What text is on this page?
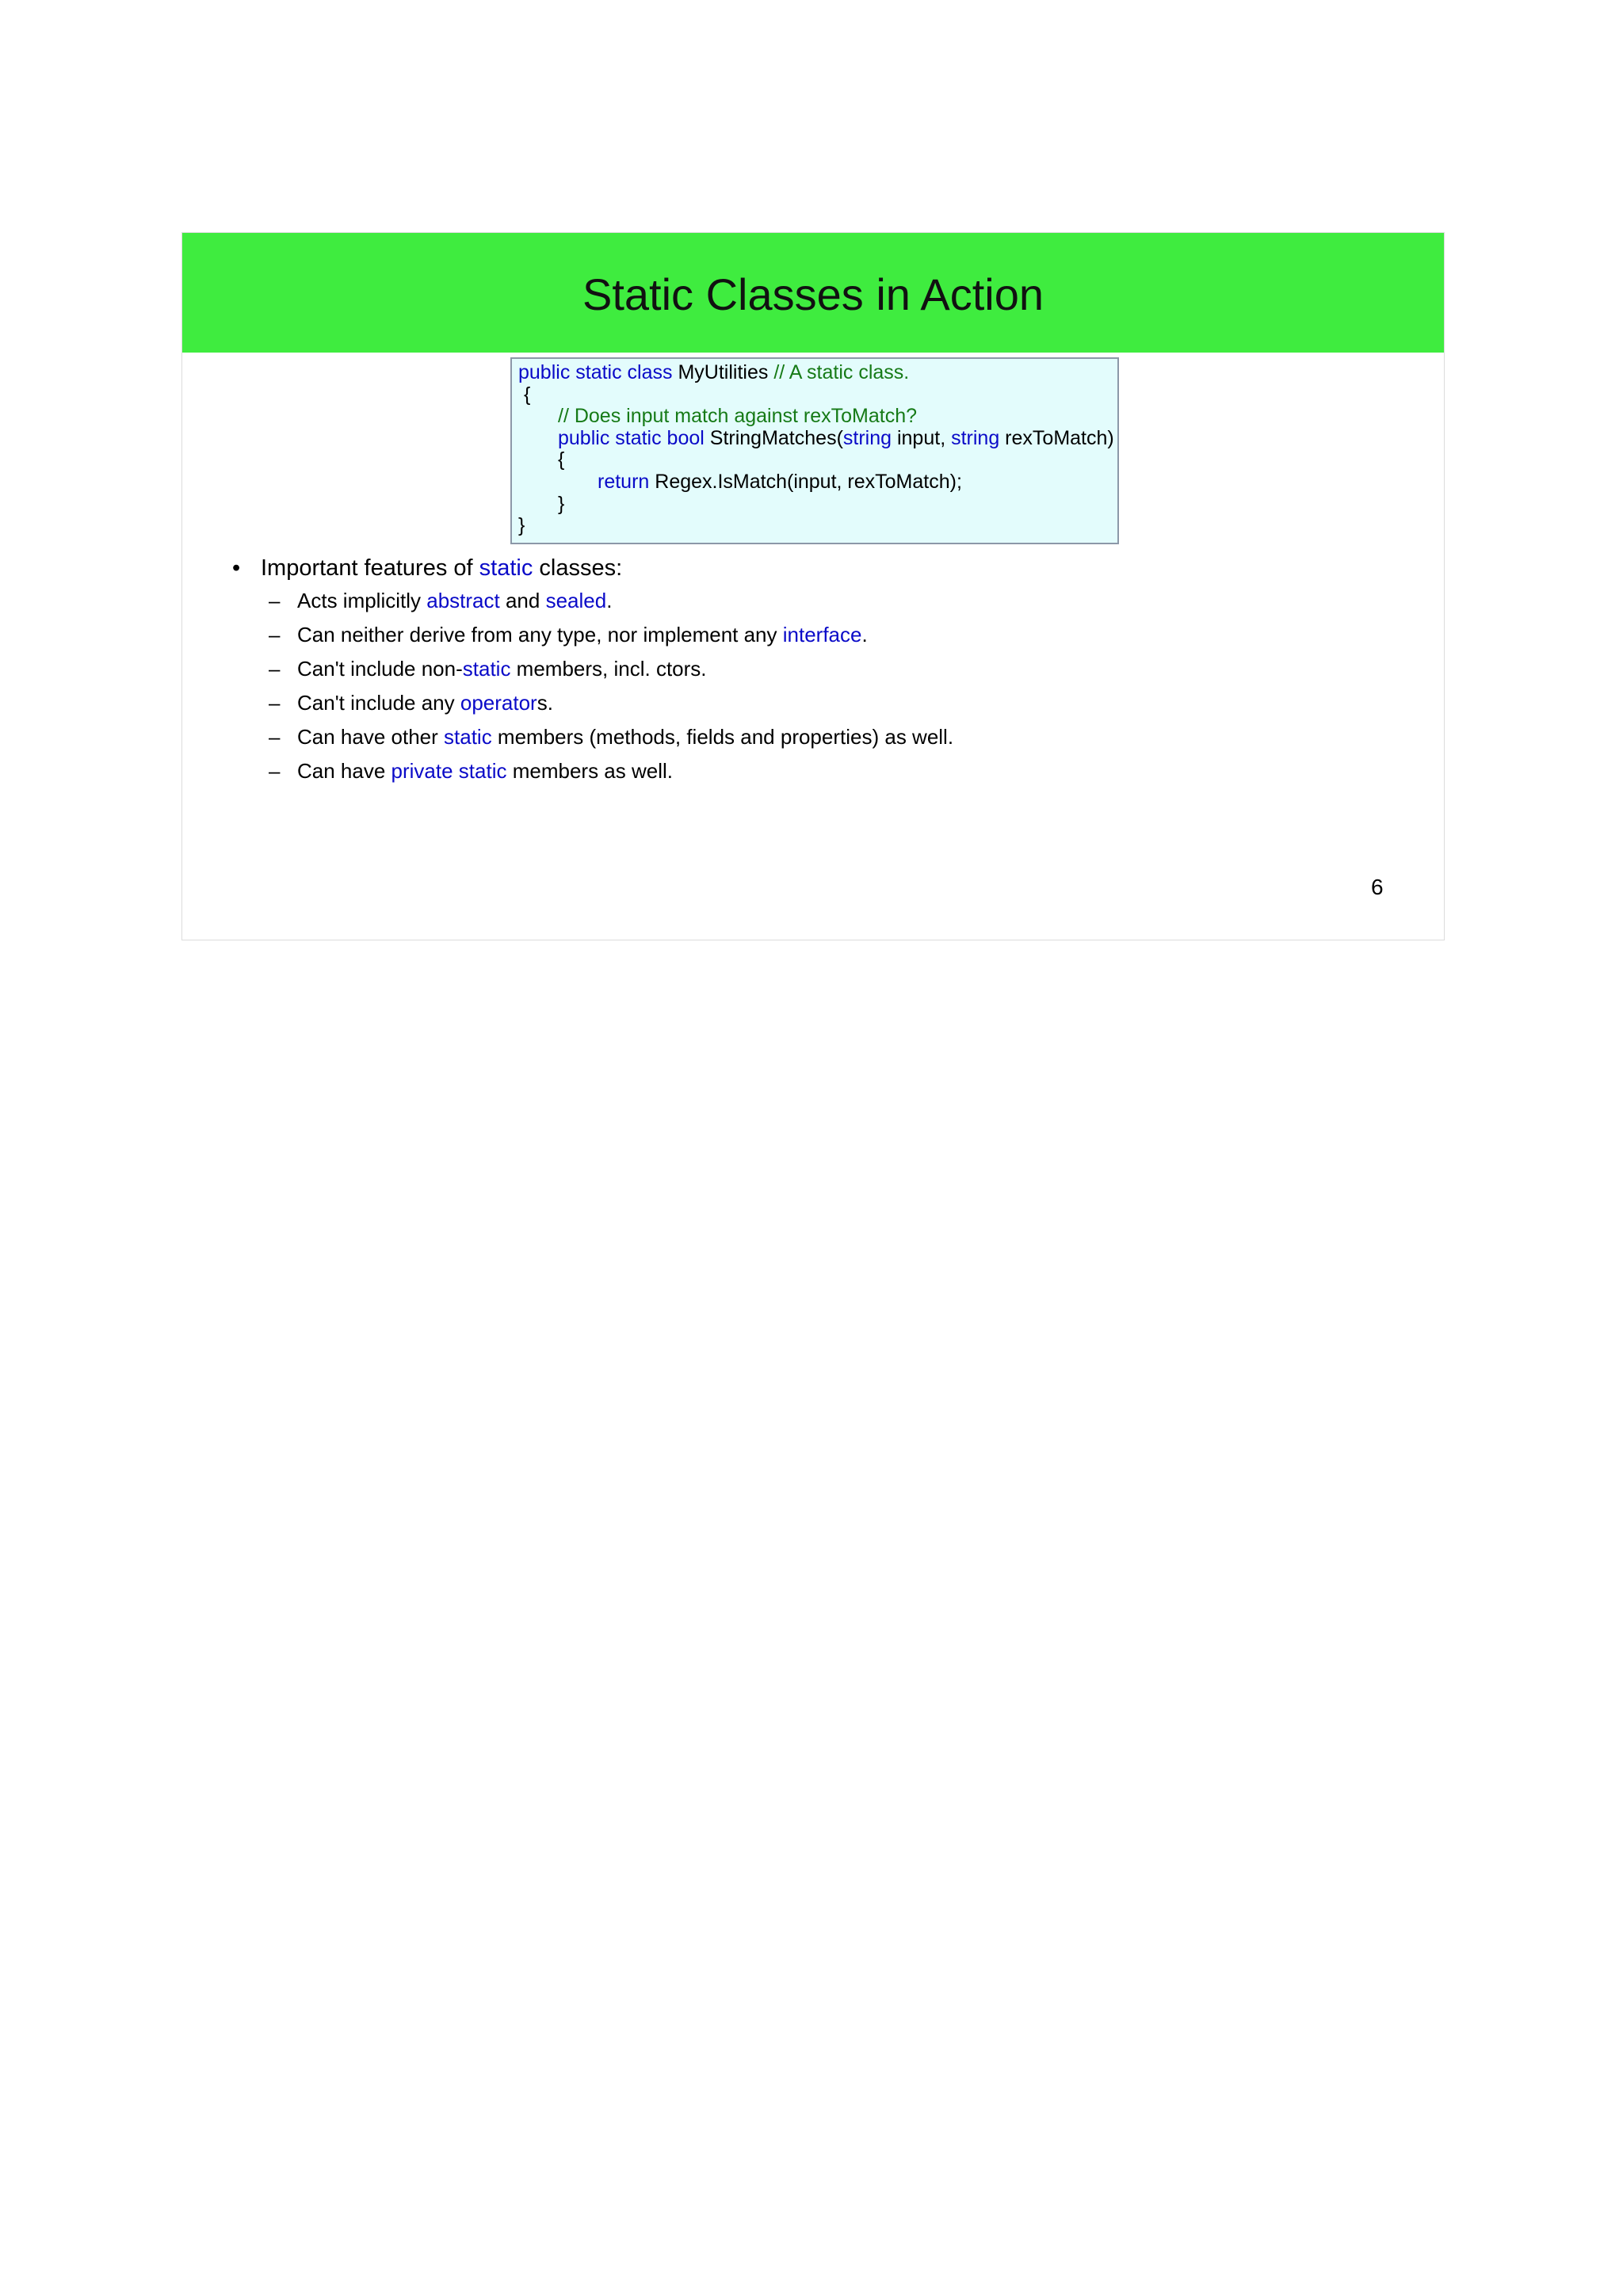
Static Classes in Action
public static class MyUtilities // A static class.
{
// Does input match against rexToMatch?
public static bool StringMatches(string input, string rexToMatch)
{
return Regex.IsMatch(input, rexToMatch);
}
}
• Important features of static classes:
– Acts implicitly abstract and sealed.
– Can neither derive from any type, nor implement any interface.
– Can't include non-static members, incl. ctors.
– Can't include any operators.
– Can have other static members (methods, fields and properties) as well.
– Can have private static members as well.
6
